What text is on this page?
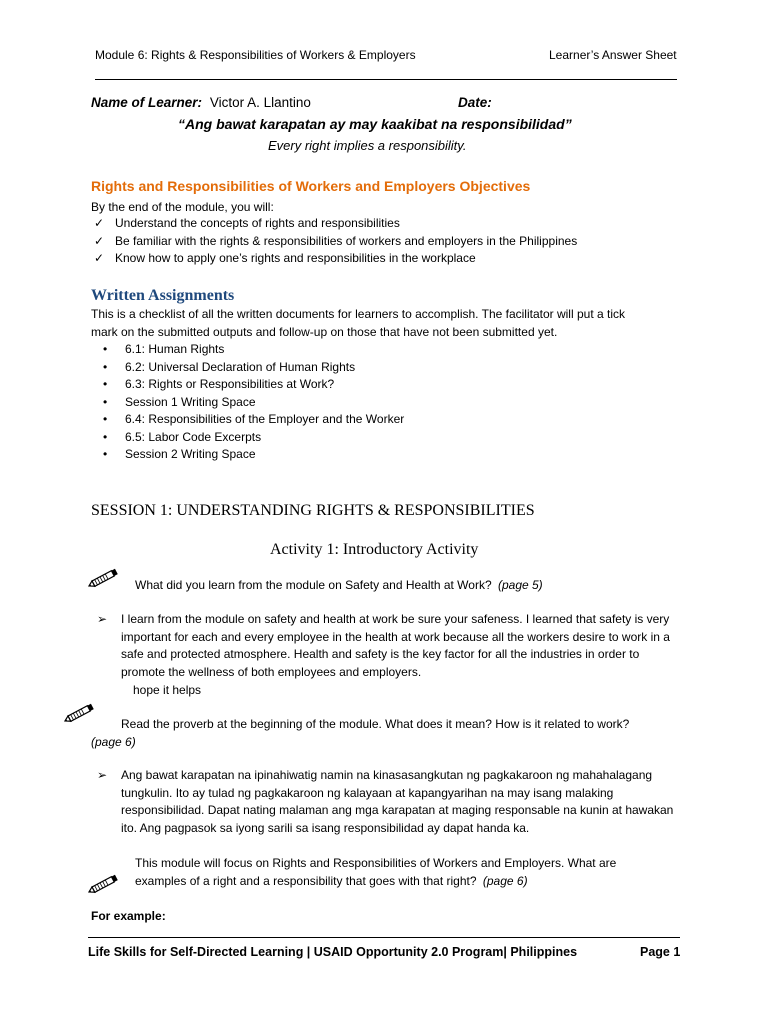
Module 6: Rights & Responsibilities of Workers & Employers	Learner’s Answer Sheet
Name of Learner: Victor A. Llantino	Date:
“Ang bawat karapatan ay may kaakibat na responsibilidad”
Every right implies a responsibility.
Rights and Responsibilities of Workers and Employers Objectives
By the end of the module, you will:
✓ Understand the concepts of rights and responsibilities
✓ Be familiar with the rights & responsibilities of workers and employers in the Philippines
✓ Know how to apply one’s rights and responsibilities in the workplace
Written Assignments
This is a checklist of all the written documents for learners to accomplish. The facilitator will put a tick
mark on the submitted outputs and follow-up on those that have not been submitted yet.
• 6.1: Human Rights
• 6.2: Universal Declaration of Human Rights
• 6.3: Rights or Responsibilities at Work?
• Session 1 Writing Space
• 6.4: Responsibilities of the Employer and the Worker
• 6.5: Labor Code Excerpts
• Session 2 Writing Space
SESSION 1: UNDERSTANDING RIGHTS & RESPONSIBILITIES
Activity 1: Introductory Activity
What did you learn from the module on Safety and Health at Work? (page 5)
➢ I learn from the module on safety and health at work be sure your safeness. I learned that safety is very important for each and every employee in the health at work because all the workers desire to work in a safe and protected atmosphere. Health and safety is the key factor for all the industries in order to promote the wellness of both employees and employers.
hope it helps
Read the proverb at the beginning of the module. What does it mean? How is it related to work?
(page 6)
➢ Ang bawat karapatan na ipinahiwatig namin na kinasasangkutan ng pagkakaroon ng mahahalagang tungkulin. Ito ay tulad ng pagkakaroon ng kalayaan at kapangyarihan na may isang malaking responsibilidad. Dapat nating malaman ang mga karapatan at maging responsable na kunin at hawakan ito. Ang pagpasok sa iyong sarili sa isang responsibilidad ay dapat handa ka.
This module will focus on Rights and Responsibilities of Workers and Employers. What are
examples of a right and a responsibility that goes with that right? (page 6)
For example:
Life Skills for Self-Directed Learning | USAID Opportunity 2.0 Program| Philippines	Page 1
